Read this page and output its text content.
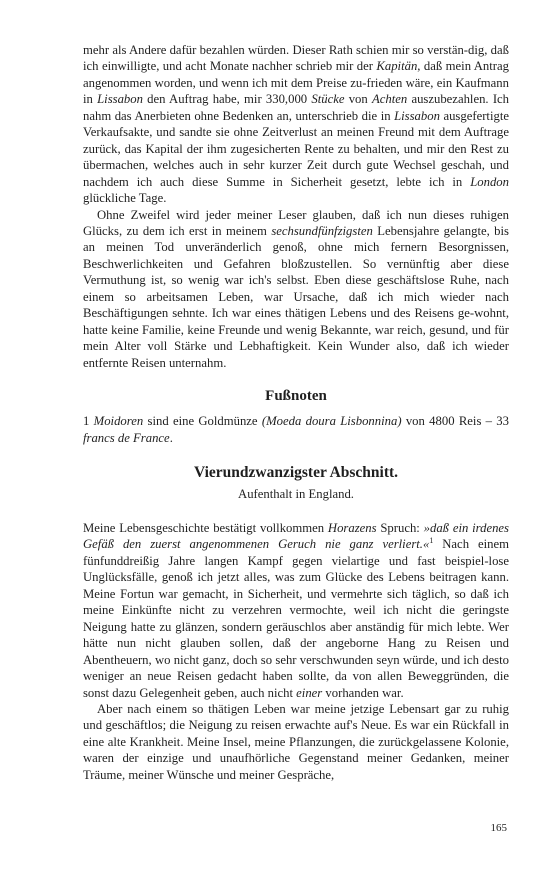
mehr als Andere dafür bezahlen würden. Dieser Rath schien mir so verstän-dig, daß ich einwilligte, und acht Monate nachher schrieb mir der Kapitän, daß mein Antrag angenommen worden, und wenn ich mit dem Preise zu-frieden wäre, ein Kaufmann in Lissabon den Auftrag habe, mir 330,000 Stücke von Achten auszubezahlen. Ich nahm das Anerbieten ohne Bedenken an, unterschrieb die in Lissabon ausgefertigte Verkaufsakte, und sandte sie ohne Zeitverlust an meinen Freund mit dem Auftrage zurück, das Kapital der ihm zugesicherten Rente zu behalten, und mir den Rest zu übermachen, welches auch in sehr kurzer Zeit durch gute Wechsel geschah, und nachdem ich auch diese Summe in Sicherheit gesetzt, lebte ich in London glückliche Tage.

Ohne Zweifel wird jeder meiner Leser glauben, daß ich nun dieses ruhigen Glücks, zu dem ich erst in meinem sechsundfünfzigsten Lebensjahre gelangte, bis an meinen Tod unveränderlich genoß, ohne mich fernern Besorgnissen, Beschwerlichkeiten und Gefahren bloßzustellen. So vernünftig aber diese Vermuthung ist, so wenig war ich's selbst. Eben diese geschäftslose Ruhe, nach einem so arbeitsamen Leben, war Ursache, daß ich mich wieder nach Beschäftigungen sehnte. Ich war eines thätigen Lebens und des Reisens ge-wohnt, hatte keine Familie, keine Freunde und wenig Bekannte, war reich, gesund, und für mein Alter voll Stärke und Lebhaftigkeit. Kein Wunder also, daß ich wieder entfernte Reisen unternahm.

Fußnoten

1 Moidoren sind eine Goldmünze (Moeda doura Lisbonnina) von 4800 Reis – 33 francs de France.

Vierundzwanzigster Abschnitt.

Aufenthalt in England.

Meine Lebensgeschichte bestätigt vollkommen Horazens Spruch: »daß ein irdenes Gefäß den zuerst angenommenen Geruch nie ganz verliert.«$^1$ Nach einem fünfunddreißig Jahre langen Kampf gegen vielartige und fast beispiel-lose Unglücksfälle, genoß ich jetzt alles, was zum Glücke des Lebens beitragen kann. Meine Fortun war gemacht, in Sicherheit, und vermehrte sich täglich, so daß ich meine Einkünfte nicht zu verzehren vermochte, weil ich nicht die geringste Neigung hatte zu glänzen, sondern geräuschlos aber anständig für mich lebte. Wer hätte nun nicht glauben sollen, daß der angeborne Hang zu Reisen und Abentheuern, wo nicht ganz, doch so sehr verschwunden seyn würde, und ich desto weniger an neue Reisen gedacht haben sollte, da von allen Beweggründen, die sonst dazu Gelegenheit geben, auch nicht einer vorhanden war.

Aber nach einem so thätigen Leben war meine jetzige Lebensart gar zu ruhig und geschäftlos; die Neigung zu reisen erwachte auf's Neue. Es war ein Rückfall in eine alte Krankheit. Meine Insel, meine Pflanzungen, die zurückgelassene Kolonie, waren der einzige und unaufhörliche Gegenstand meiner Gedanken, meiner Träume, meiner Wünsche und meiner Gespräche,

165
